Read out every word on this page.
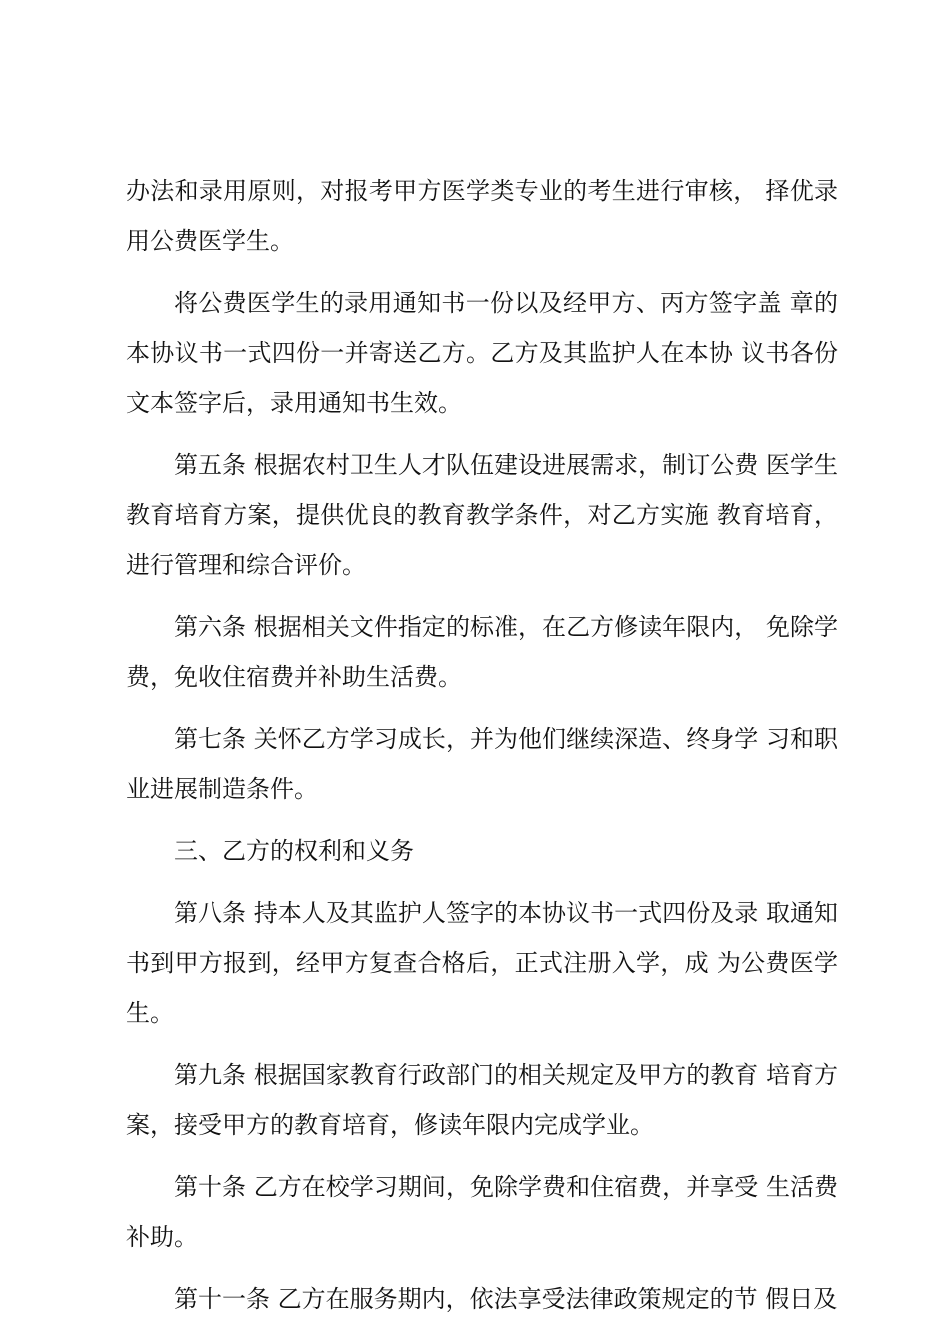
办法和录用原则，对报考甲方医学类专业的考生进行审核， 择优录用公费医学生。

将公费医学生的录用通知书一份以及经甲方、丙方签字盖 章的本协议书一式四份一并寄送乙方。乙方及其监护人在本协 议书各份文本签字后，录用通知书生效。

第五条 根据农村卫生人才队伍建设进展需求，制订公费 医学生教育培育方案，提供优良的教育教学条件，对乙方实施 教育培育，进行管理和综合评价。

第六条 根据相关文件指定的标准，在乙方修读年限内， 免除学费，免收住宿费并补助生活费。

第七条 关怀乙方学习成长，并为他们继续深造、终身学 习和职业进展制造条件。

三、乙方的权利和义务

第八条 持本人及其监护人签字的本协议书一式四份及录 取通知书到甲方报到，经甲方复查合格后，正式注册入学，成 为公费医学生。

第九条 根据国家教育行政部门的相关规定及甲方的教育 培育方案，接受甲方的教育培育，修读年限内完成学业。

第十条 乙方在校学习期间，免除学费和住宿费，并享受 生活费补助。

第十一条 乙方在服务期内，依法享受法律政策规定的节 假日及
